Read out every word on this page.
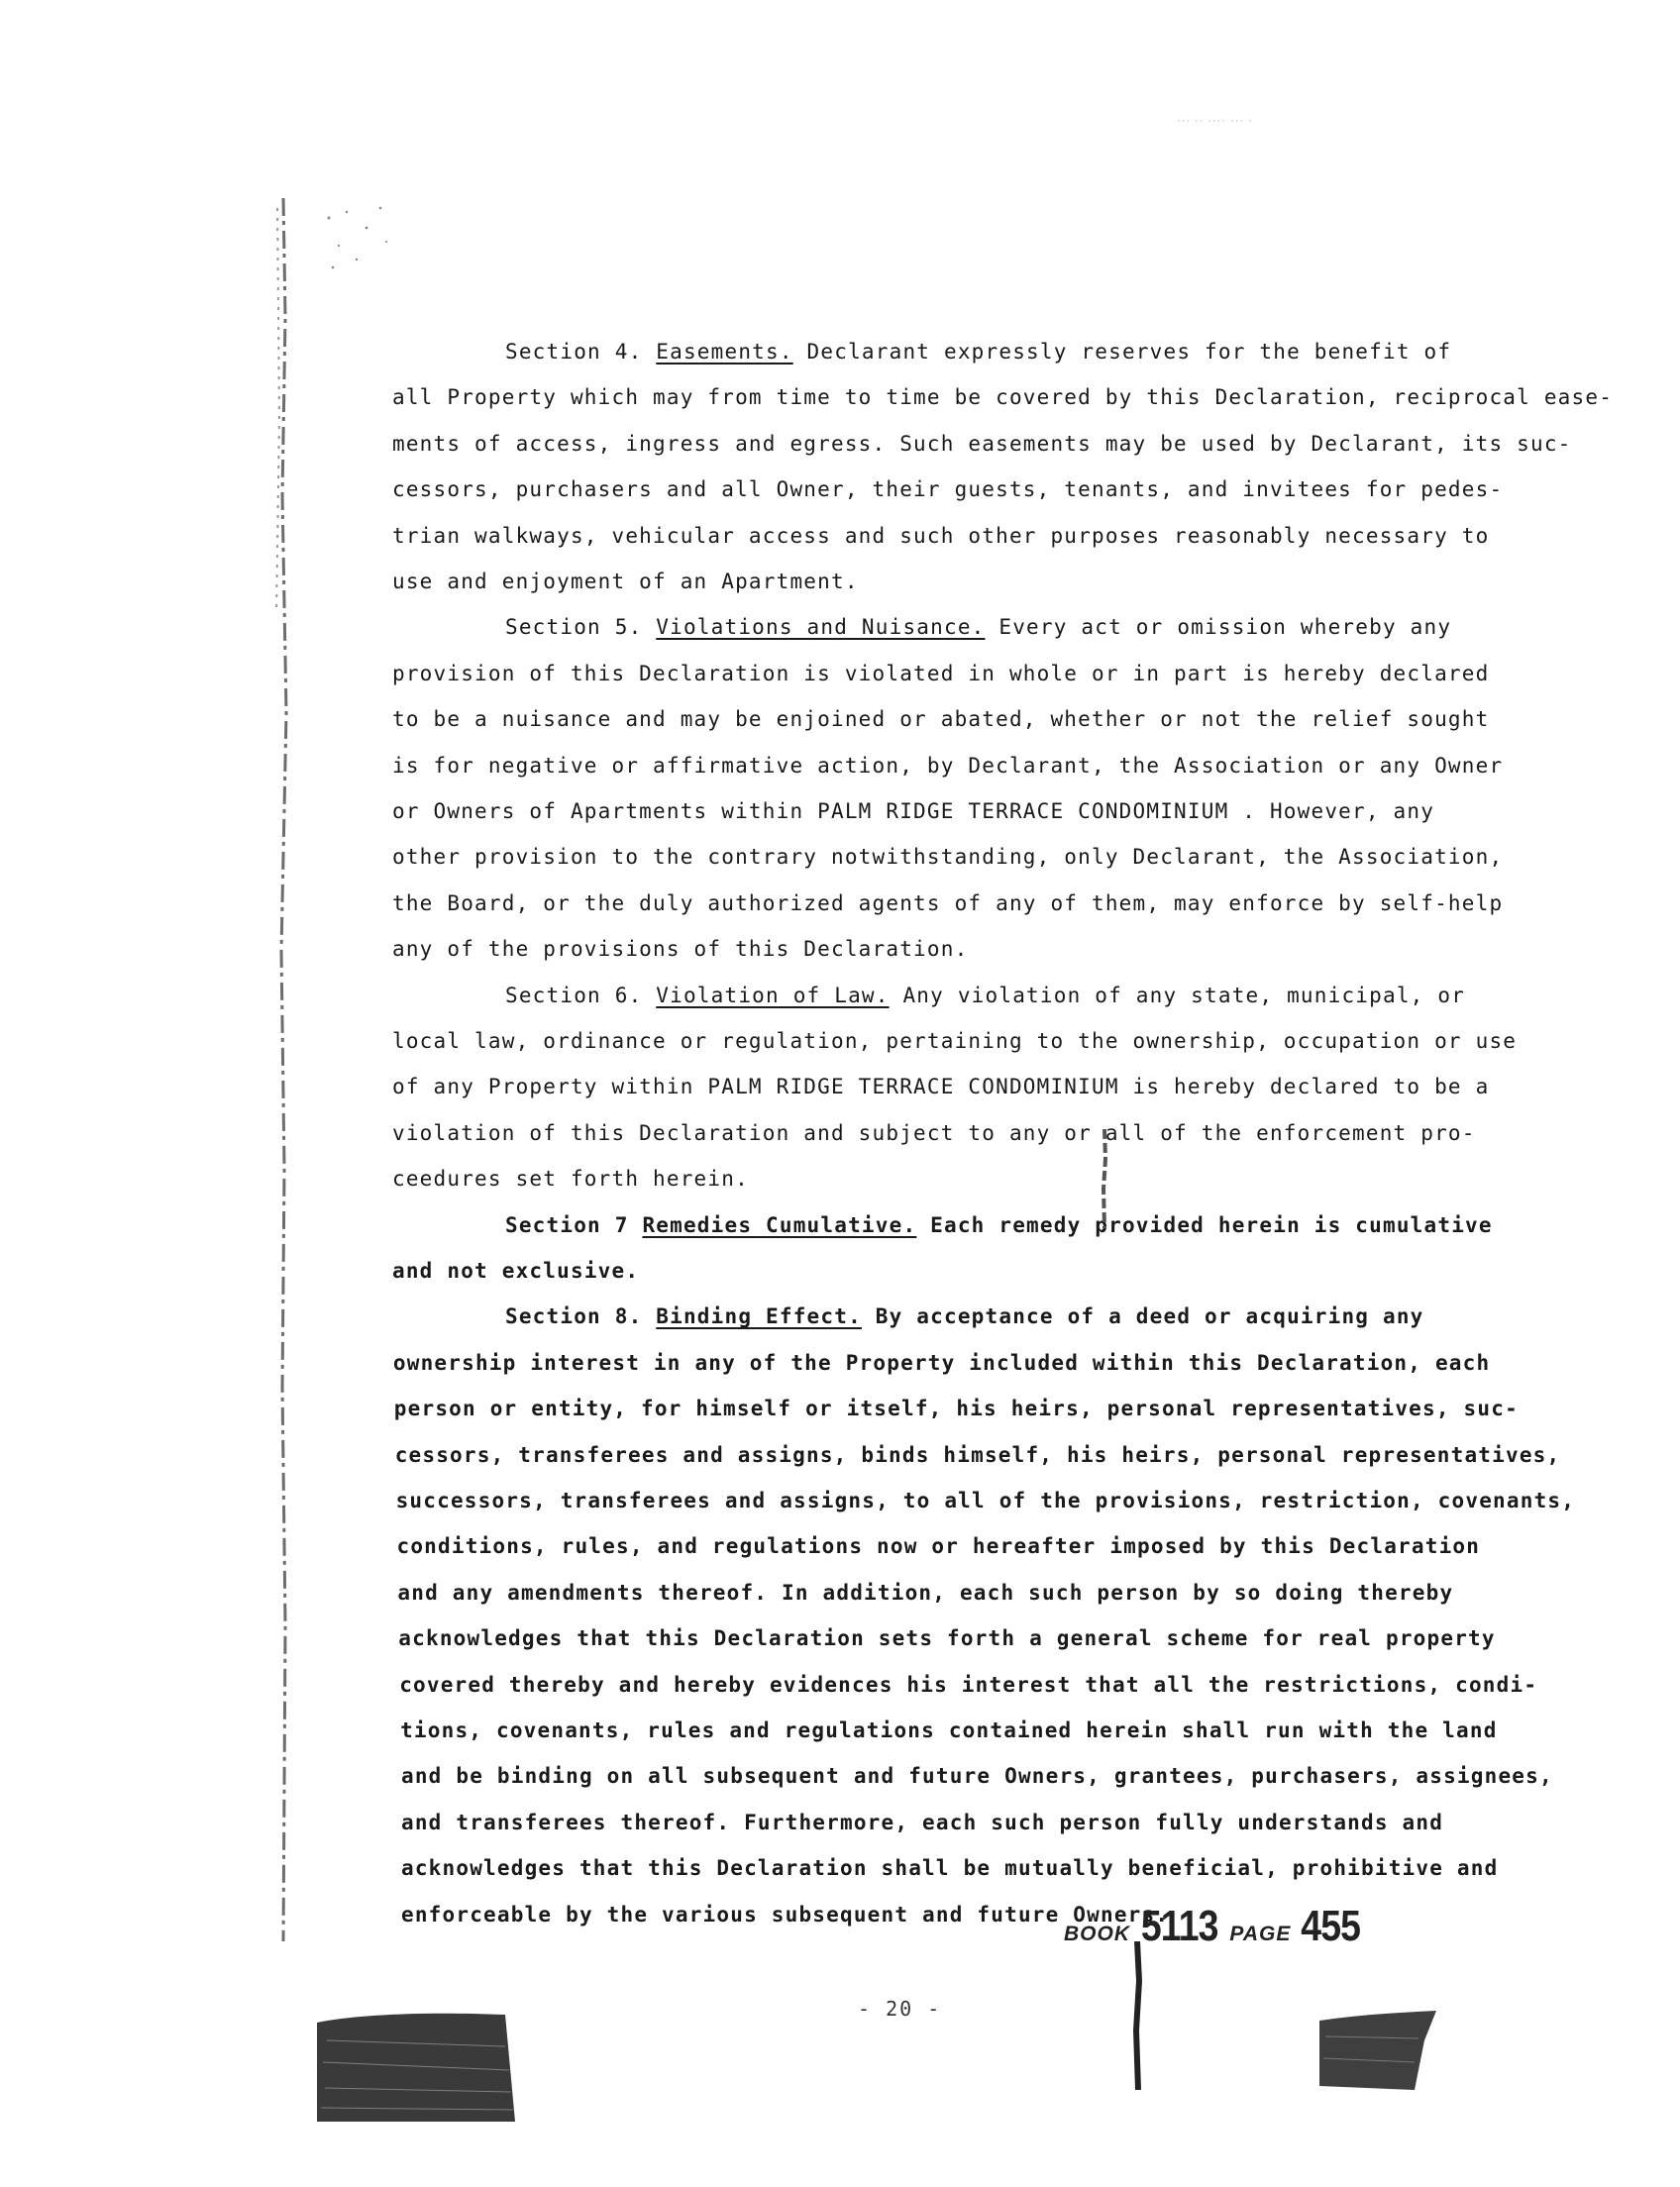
Section 4. Easements. Declarant expressly reserves for the benefit of
all Property which may from time to time be covered by this Declaration, reciprocal ease-
ments of access, ingress and egress. Such easements may be used by Declarant, its suc-
cessors, purchasers and all Owner, their guests, tenants, and invitees for pedes-
trian walkways, vehicular access and such other purposes reasonably necessary to
use and enjoyment of an Apartment.
Section 5. Violations and Nuisance. Every act or omission whereby any
provision of this Declaration is violated in whole or in part is hereby declared
to be a nuisance and may be enjoined or abated, whether or not the relief sought
is for negative or affirmative action, by Declarant, the Association or any Owner
or Owners of Apartments within PALM RIDGE TERRACE CONDOMINIUM . However, any
other provision to the contrary notwithstanding, only Declarant, the Association,
the Board, or the duly authorized agents of any of them, may enforce by self-help
any of the provisions of this Declaration.
Section 6. Violation of Law. Any violation of any state, municipal, or
local law, ordinance or regulation, pertaining to the ownership, occupation or use
of any Property within PALM RIDGE TERRACE CONDOMINIUM is hereby declared to be a
violation of this Declaration and subject to any or all of the enforcement pro-
ceedures set forth herein.
Section 7 Remedies Cumulative. Each remedy provided herein is cumulative
and not exclusive.
Section 8. Binding Effect. By acceptance of a deed or acquiring any
ownership interest in any of the Property included within this Declaration, each
person or entity, for himself or itself, his heirs, personal representatives, suc-
cessors, transferees and assigns, binds himself, his heirs, personal representatives,
successors, transferees and assigns, to all of the provisions, restriction, covenants,
conditions, rules, and regulations now or hereafter imposed by this Declaration
and any amendments thereof. In addition, each such person by so doing thereby
acknowledges that this Declaration sets forth a general scheme for real property
covered thereby and hereby evidences his interest that all the restrictions, condi-
tions, covenants, rules and regulations contained herein shall run with the land
and be binding on all subsequent and future Owners, grantees, purchasers, assignees,
and transferees thereof. Furthermore, each such person fully understands and
acknowledges that this Declaration shall be mutually beneficial, prohibitive and
enforceable by the various subsequent and future Owners.
··· ·· ···· ··· ·
BOOK 5113 PAGE 455
- 20 -
